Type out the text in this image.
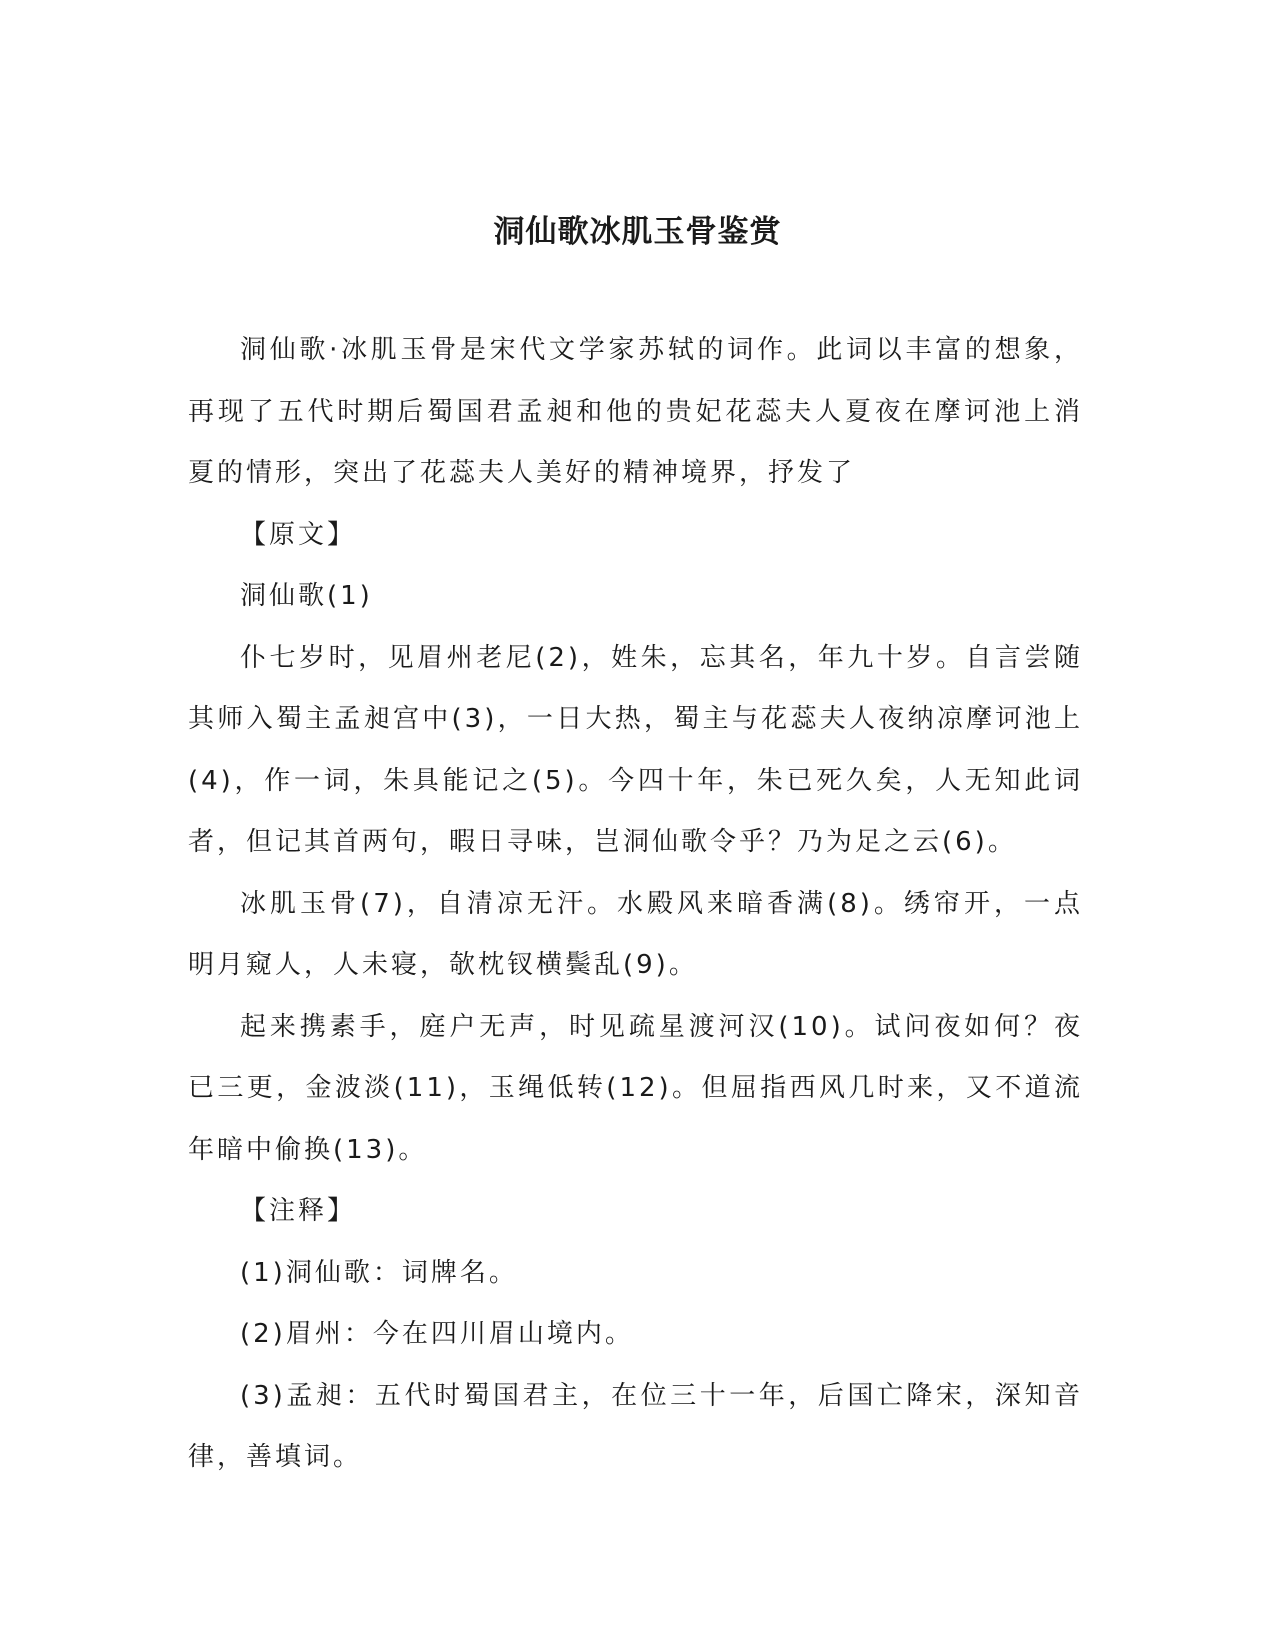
洞仙歌冰肌玉骨鉴赏

洞仙歌·冰肌玉骨是宋代文学家苏轼的词作。此词以丰富的想象，再现了五代时期后蜀国君孟昶和他的贵妃花蕊夫人夏夜在摩诃池上消夏的情形，突出了花蕊夫人美好的精神境界，抒发了

【原文】

洞仙歌(1)

仆七岁时，见眉州老尼(2)，姓朱，忘其名，年九十岁。自言尝随其师入蜀主孟昶宫中(3)，一日大热，蜀主与花蕊夫人夜纳凉摩诃池上(4)，作一词，朱具能记之(5)。今四十年，朱已死久矣，人无知此词者，但记其首两句，暇日寻味，岂洞仙歌令乎？乃为足之云(6)。

冰肌玉骨(7)，自清凉无汗。水殿风来暗香满(8)。绣帘开，一点明月窥人，人未寝，欹枕钗横鬓乱(9)。

起来携素手，庭户无声，时见疏星渡河汉(10)。试问夜如何？夜已三更，金波淡(11)，玉绳低转(12)。但屈指西风几时来，又不道流年暗中偷换(13)。

【注释】

(1)洞仙歌：词牌名。

(2)眉州：今在四川眉山境内。

(3)孟昶：五代时蜀国君主，在位三十一年，后国亡降宋，深知音律，善填词。
